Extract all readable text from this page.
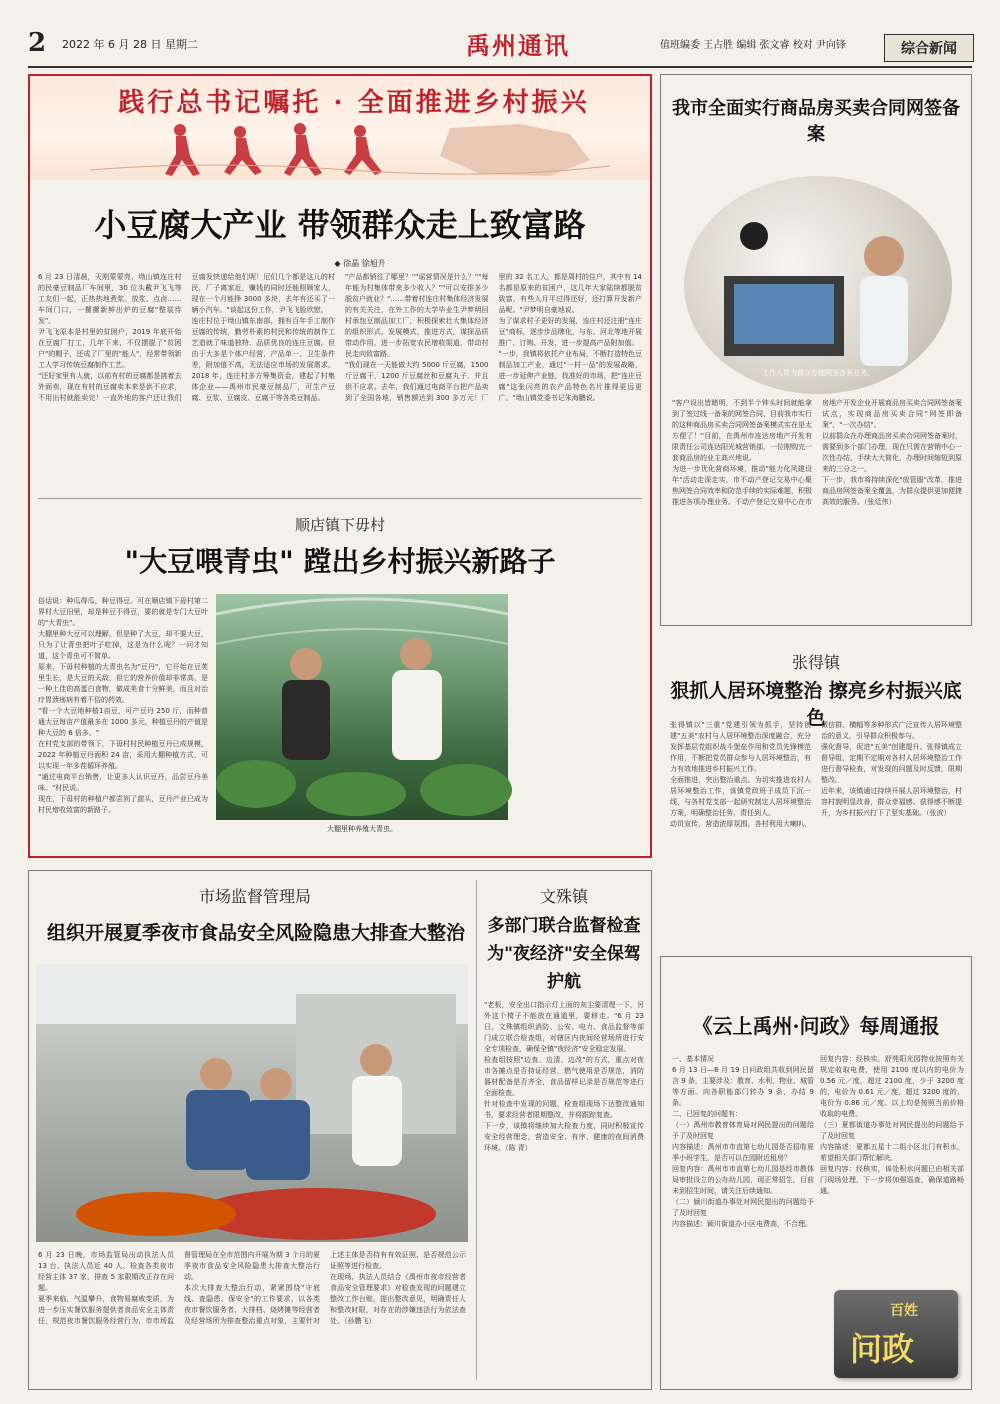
2 2022 年 6 月 28 日 星期二	禹州通讯	值班编委 王占胜 编辑 张文睿 校对 尹向锋	综合新闻
践行总书记嘱托 · 全面推进乡村振兴
小豆腐大产业 带领群众走上致富路
◆ 徐晶 徐旭升
6 月 23 日清晨，天刚蒙蒙亮，坳山镇连庄村的民豪豆制品厂车间里，30 位头戴尹飞飞等工友们一起，正热热地煮浆、放浆、点卤……车间门口，一摞摞新鲜出炉的豆腐"整装待发"。
尹飞飞原本是村里的贫困户，2019 年底开始在豆腐厂打工，几年下来，不仅摆脱了"贫困户"的帽子，还成了厂里的"能人"，经常带领新工人学习传统豆腐制作工艺。
"还好家里有人就，以前有村的豆腐都是挑着去外面卖，现在有村的豆腐卖本来是供不应求，不用出村就能卖完！一直外地的客户还让我们豆腐发快递给他们呢！尼们几个都是这儿的村民，厂子离家近，赚钱的同时还能照顾家人，现在一个月能挣 3000 多块，去年有还买了一辆小汽车。"谈起这份工作，尹飞飞脸欣慰。
连庄村位于坳山镇东南部，拥有百年手工制作豆腐的传统，勤劳朴素的村民和传统的制作工艺造就了味道独特、品质优良的连庄豆腐。但由于大多是个体户经营，产品单一、卫生条件差，附加值不高，无法适应市场的发展需求。2018 年，连庄村多方筹集资金，建起了村集体企业——禹州市民豪豆制品厂，可生产豆腐、豆浆、豆腐皮、豆腐干等各类豆制品。
"产品都销往了哪里？""谣营情况是什么？""每年能为村集体带来多少收入？""可以安排多少脱贫户就业？"……带着村连庄村集体经济发展的有关关注，在外工作的大学毕业生尹梦明回村承包豆制品加工厂，积极探索壮大集体经济的组织形式，发展模式，推进方式，谋探品质带动作用，进一步拓宽农民增收渠道，带动村民走向致富路。
"我们现在一天能做大约 5000 斤豆腐，1500 斤豆腐干，1200 斤豆腐丝和豆腐丸子，并且供不应求。去年，我们通过电商平台把产品卖到了全国各地，销售额达到 300 多万元！厂里的 32 名工人，都是周村的住户，其中有 14 名都是原来的贫困户，这几年大家陆续都脱贫致富，有些人月平过得还好，还打算开发新产品呢。"尹梦明自豪地说。
为了谋求村子更好的发展，连庄村还注册"连庄豆"商标，逐步步品牌化，与东、河北等地开展推广、订购、开发，进一步提高产品附加值。
"一步，我镇将依托产业布局，不断打造特色豆制品加工产业，通过"一村一品"的发展战略，进一步延伸产业链，找准好的市场，把"连庄豆腐"这张闪亮的农产品特色名片推得更远更广。"坳山镇党委书记朱海鹏说。
顺店镇下毋村
"大豆喂青虫" 蹚出乡村振兴新路子
俗话说：种瓜得瓜，种豆得豆。可在顺店镇下毋村第二界村大豆田里，却是种豆不得豆，要的就是专门大豆叶的"大青虫"。
大棚里种大豆可以理解，但是种了大豆，却不要大豆，只为了让青虫把叶子吃掉，这是为什么呢？一问才知道，这个青虫可不简单。
原来，下毋村种植的大青虫名为"豆丹"，它开始在豆荚里生长，是大豆的天敌，但它的营养价值却非常高，是一种上佳的高蛋白食物，做成美食十分鲜美，而且对治疗胃溃疡病有着不俗的药效。
"看一个大豆地种植1亩豆，可产豆丹 250 斤，而种普通大豆每亩产值最多在 1000 多元，种植豆丹的产值是种大豆的 6 倍多。"
在村党支部的带领下，下毋村村民种植豆丹已成规模，2022 年种植豆丹面积 24 亩，采用大棚种植方式，可以实现一年多茬循环养殖。
"通过电商平台销售，让更多人认识豆丹，品尝豆丹美味。"村民说。
现在，下毋村的种植户都尝到了甜头，豆丹产业已成为村民增收致富的新路子。
大棚里种养殖大青虫。
我市全面实行商品房买卖合同网签备案
工作人员为群众办理网签备案业务。
"客户设出皆睹明，不到半个钟头时间就能拿到了签过线一备案的网签合同，目前我市实行的这种商品房买卖合同网签备案模式实在是太方便了！"目前，在禹州市连达房地产开发有限责任公司连达阳光城营销部，一位刚购完一套商品房的业主高兴地说。
为进一步优化营商环境，推动"能力化风建设年"活动走深走实，市不动产登记交易中心聚焦网签合同效率和防范手续的实际难题，积极推进各项办理业务。不动产登记交易中心在市房地产开发企业开展商品房买卖合同网签备案试点，实现商品房买卖合同"网签即备案"、"一次办结"。
以前群众在办理商品房买卖合同网签备案时，需要到多个部门办理，现在只需在营销中心一次性办结，手续大大简化，办理时间缩短到原来的三分之一。
下一步，我市将持续深化"放管服"改革，推进商品房网签备案全覆盖，为群众提供更加便捷高效的服务。（张廷伟）
张得镇
狠抓人居环境整治 擦亮乡村振兴底色
张得镇以"三重"党建引领为抓手，坚持创建"五美"农村与人居环境整治深度融合，充分发挥基层党组织战斗堡垒作用和党员先锋模范作用，不断把党员群众参与人居环境整治，有力有效地推进乡村振兴工作。
全面推进，突出整治重点。为切实推进农村人居环境整治工作，该镇党政班子成员下沉一线，与各村党支部一起研究制定人居环境整治方案，明确整治任务，责任到人。
动员宣传，营造浓厚氛围。各村利用大喇叭、微信群、横幅等多种形式广泛宣传人居环境整治的意义，引导群众积极参与。
强化督导，促进"五美"创建提升。张得镇成立督导组，定期不定期对各村人居环境整治工作进行督导检查，对发现的问题及时反馈，限期整改。
近年来，该镇通过持续开展人居环境整治，村容村貌明显改善，群众幸福感、获得感不断提升，为乡村振兴打下了坚实基础。（张波）
市场监督管理局
组织开展夏季夜市食品安全风险隐患大排查大整治
6 月 23 日晚，市场监管局出动执法人员 13 台、执法人员近 40 人，检查各类夜市经营主体 37 家，排查 5 家限期改正存在问题。
夏季来临，气温攀升，食物易腐败变质，为进一步压实餐饮服务提供者食品安全主体责任，规范夜市餐饮服务经营行为，市市场监督管理局在全市范围内开展为期 3 个月的夏季夜市食品安全风险隐患大排查大整治行动。
本次大排查大整治行动，紧紧围绕"守底线、查隐患、保安全"的工作要求，以各类夜市餐饮服务者、大排档、烧烤摊等经营者及经营场所为排查整治重点对象，主要针对上述主体是否持有有效证照、是否规范公示证照等进行检查。
在现场，执法人员结合《禹州市夜市经营者食品安全管理要求》对检查发现的问题建立整改工作台账，提出整改意见，明确责任人和整改时限，对存在的涉嫌违法行为依法查处。（孙鹏飞）
文殊镇
多部门联合监督检查为"夜经济"安全保驾护航
"老板，安全出口指示灯上面的灰尘要清理一下，另外这个椅子不能放在通道里，要移走。"6 月 23 日，文殊镇组织消防、公安、电力、食品监督等部门成立联合检查组，对辖区内夜间经营场所进行安全专项检查，确保全镇"夜经济"安全稳定发展。
检查组按照"边查、边清、边改"的方式，重点对夜市各摊点是否持证经营，燃气使用是否规范，消防器材配备是否齐全，食品留样记录是否规范等进行全面检查。
针对检查中发现的问题，检查组现场下达整改通知书，要求经营者限期整改，并将跟踪复查。
下一步，该镇将继续加大检查力度，同时积极宣传安全经营理念，营造安全、有序、健康的夜间消费环境。（陈 青）
《云上禹州·问政》每周通报
一、基本情况
6 月 13 日—6 月 19 日问政组共收到网民留言 9 条，主要涉及：教育、水利、物业、城管等方面。向各职能部门转办 9 条，办结 9 条。
二、已回复的问题有：
（一）禹州市教育体育局对网民提出的问题给予了及时回复
内容描述：禹州市市直第七幼儿园是否招收夏季小班学生，是否可以在园附近租房？
回复内容：禹州市市直第七幼儿园是经市教体局审批设立的公办幼儿园，现正常招生，目前未到招生时间，请关注后续通知。
（二）颍川街道办事处对网民提出的问题给予了及时回复
内容描述：颍川街道办小区电费高，不合理。
回复内容：经核实，舒苑阳光园物业按照有关规定收取电费，使用 2100 度以内的电价为 0.56 元／度，超过 2100 度，少于 3200 度的，电价为 0.61 元／度，超过 3200 度的，电价为 0.86 元／度。以上均是按照当前价格收取的电费。
（三）夏都街道办事处对网民提出的问题给予了及时回复
内容描述：夏都五星十二组小区北门有积水，希望相关部门帮忙解决。
回复内容：经核实，该处积水问题已由相关部门现场处理，下一步将加强巡查，确保道路畅通。
百姓
问政
